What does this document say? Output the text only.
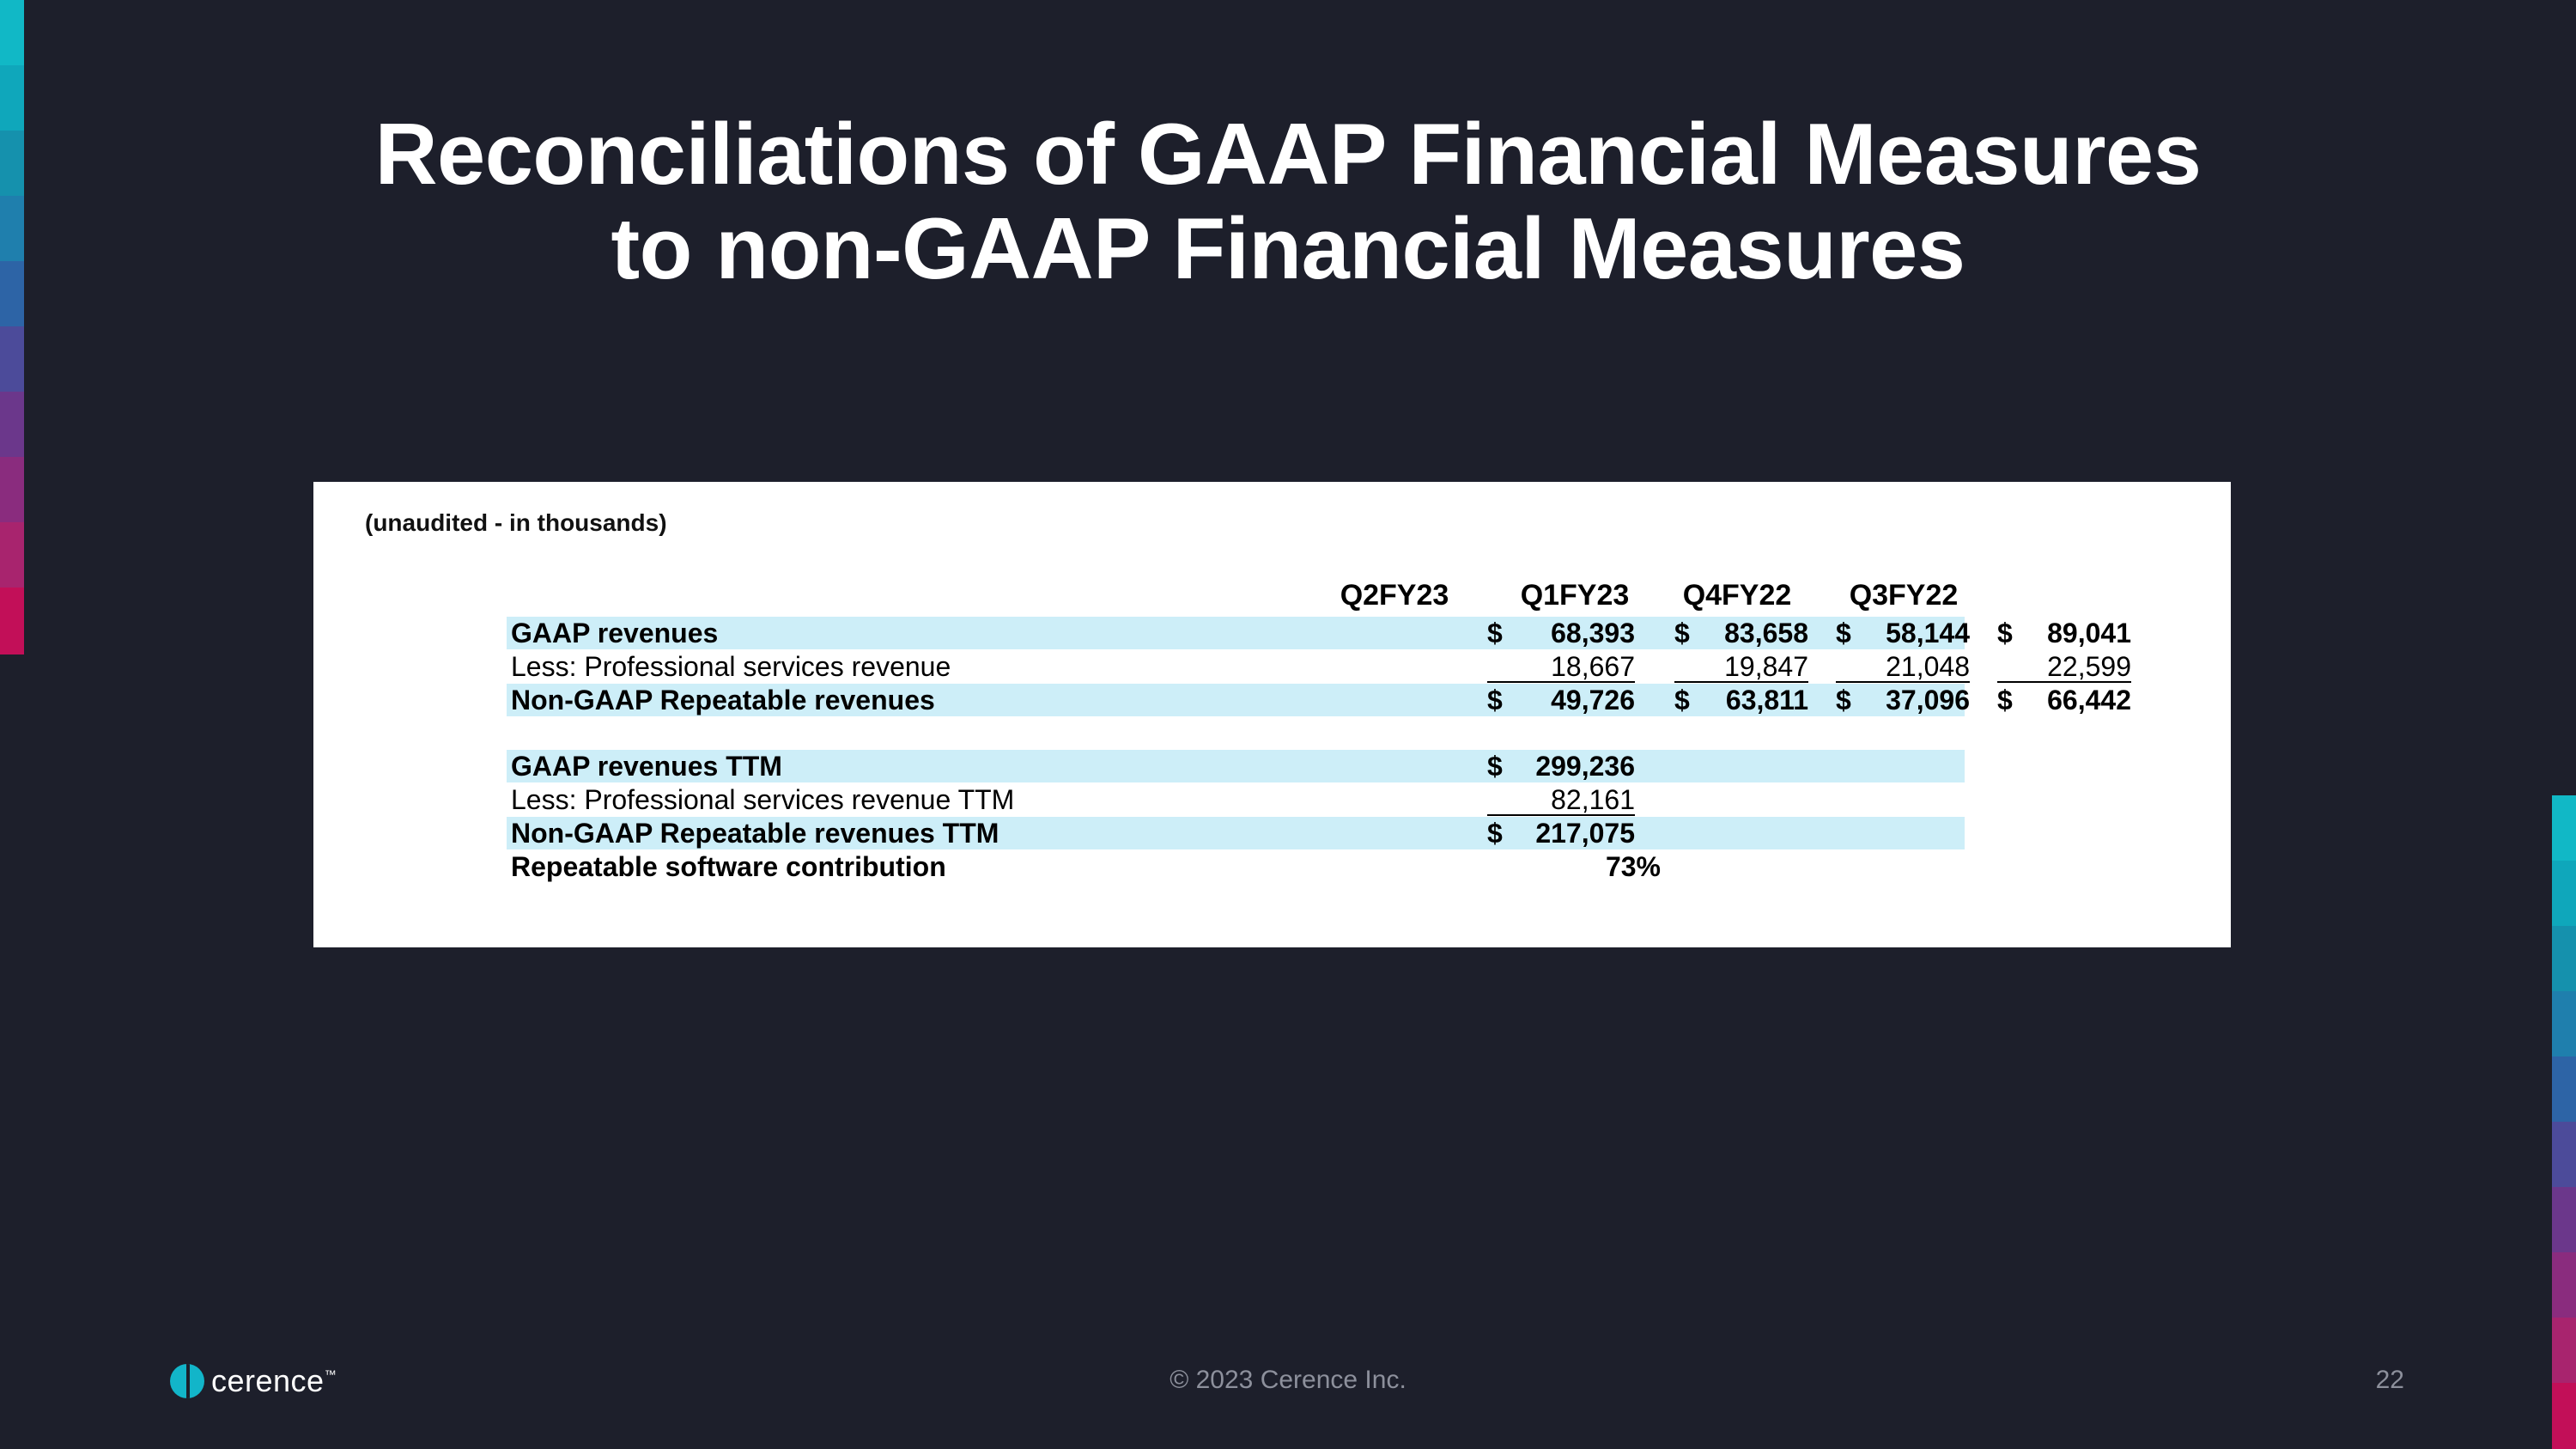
Reconciliations of GAAP Financial Measures
to non-GAAP Financial Measures
(unaudited - in thousands)
Q2FY23	Q1FY23	Q4FY22	Q3FY22
GAAP revenues	$	68,393 $	83,658 $	58,144 $	89,041
Less: Professional services revenue	18,667	19,847	21,048	22,599
Non-GAAP Repeatable revenues	$	49,726 $	63,811 $	37,096 $	66,442
GAAP revenues TTM	$	299,236
Less: Professional services revenue TTM	82,161
Non-GAAP Repeatable revenues TTM	$	217,075
Repeatable software contribution	73%
cerence ™	© 2023 Cerence Inc.	22
